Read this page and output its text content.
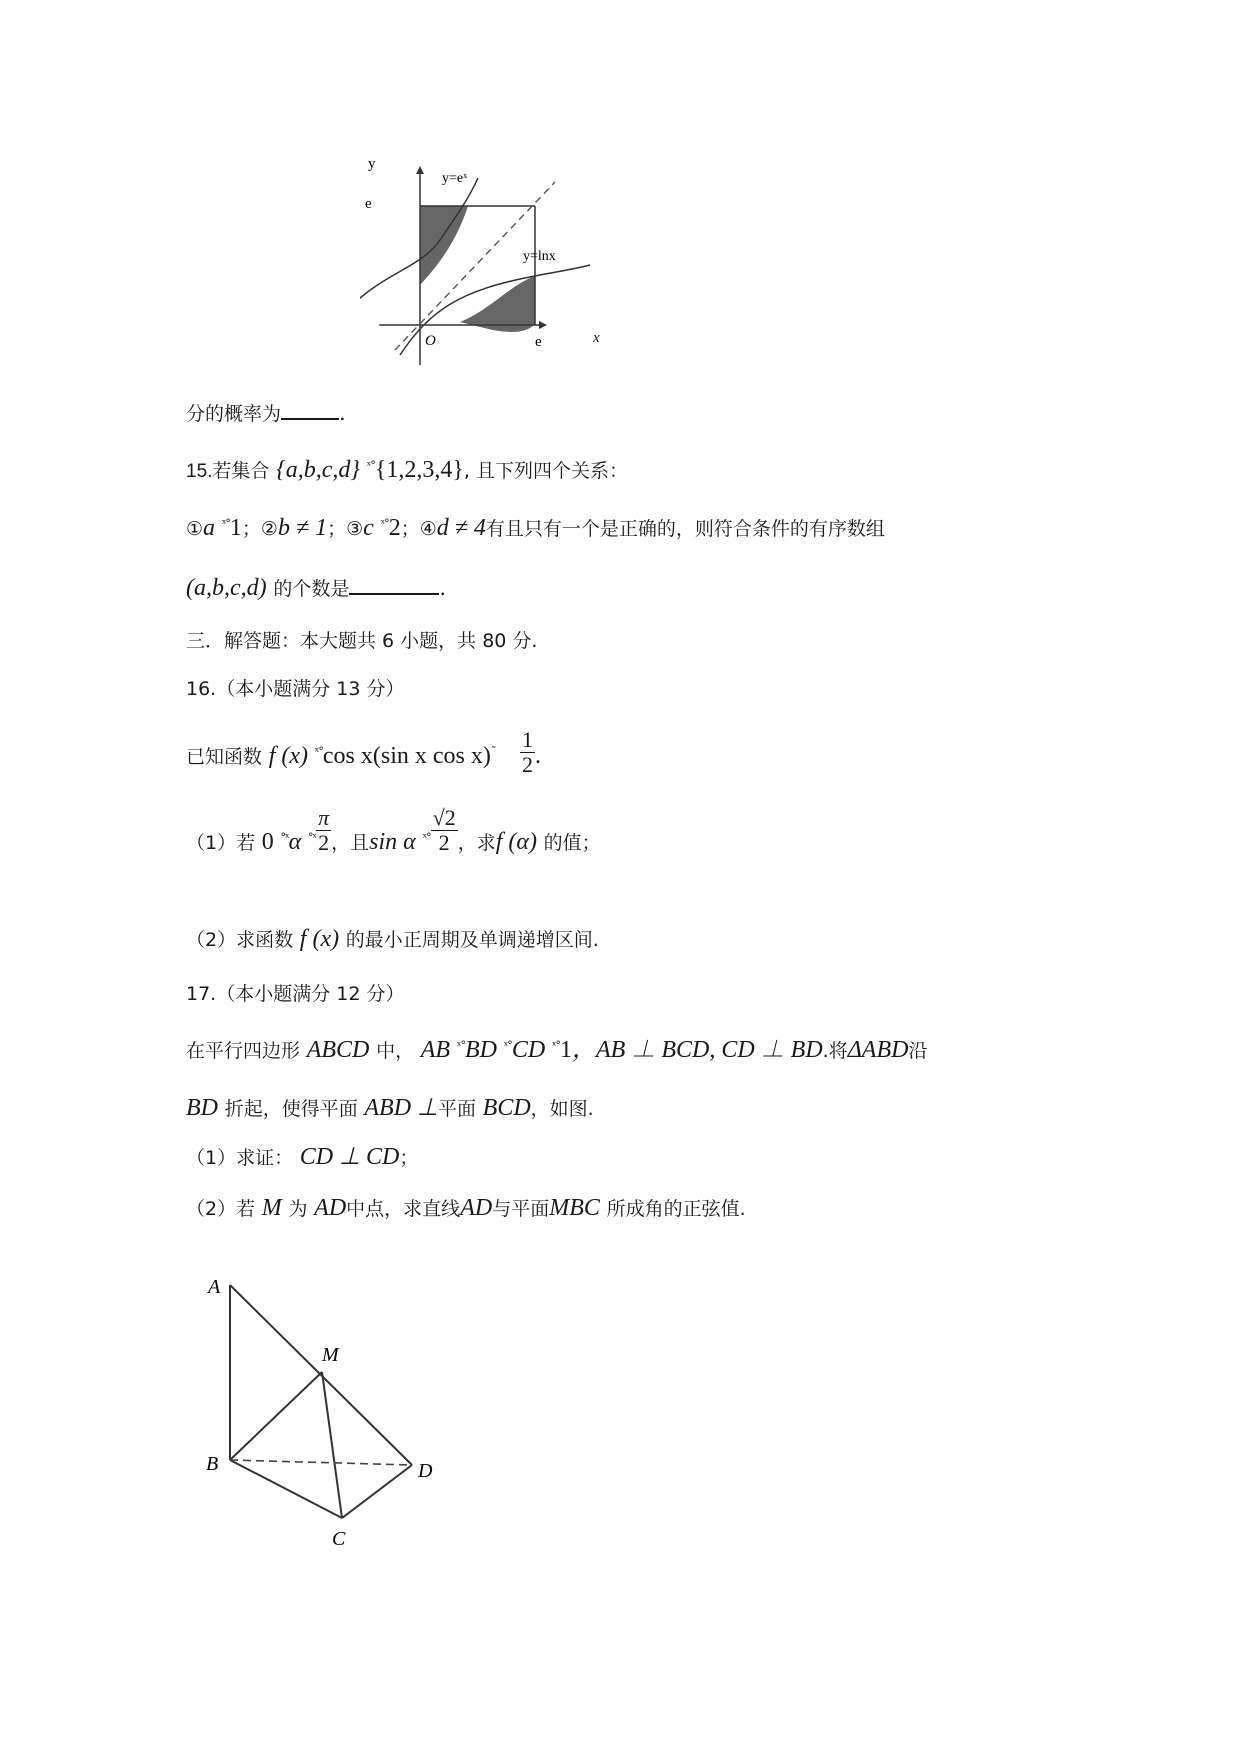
e
y
e
O
y=eˣ
y=lnx
x
分的概率为	.
15.若集合 {a,b,c,d} $^{ˣ^\circ}${1,2,3,4}, 且下列四个关系：
①a $^{ˣ^\circ}$1；②b ≠ 1；③c $^{ˣ^\circ}$2；④d ≠ 4有且只有一个是正确的，则符合条件的有序数组
(a,b,c,d) 的个数是	.
三．解答题：本大题共 6 小题，共 80 分.
16.（本小题满分 13 分）
已知函数 f (x) $^{ˣ^\circ}$cos x(sin x $\cos x)^˜ \frac{1}{2}$ .
（1）若 0 $^{^\circ ˣ}$α $^{^\circ ˣ} \frac{\pi}{2}$ ，且sin α $^{ˣ^\circ} \frac{√2}{2}$ ，求f (α) 的值；
（2）求函数 f (x) 的最小正周期及单调递增区间.
17.（本小题满分 12 分）
在平行四边形 ABCD 中， AB $^{ˣ^\circ}$BD $^{ˣ^\circ}$CD $^{ˣ^\circ}$1，AB ⊥ BCD, CD ⊥ BD.将ΔABD沿
BD 折起，使得平面 ABD ⊥平面 BCD，如图.
（1）求证： CD ⊥ CD；
（2）若 M 为 AD中点，求直线AD与平面MBC 所成角的正弦值.
A
M
B	D
C
